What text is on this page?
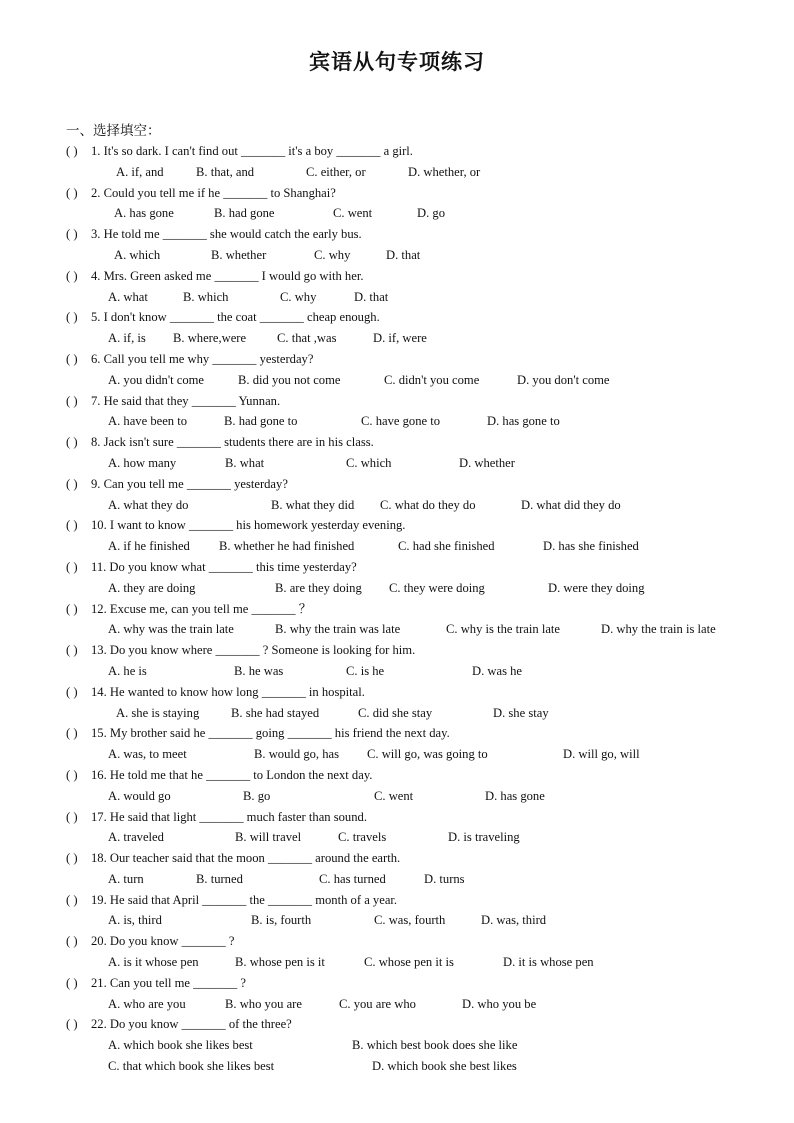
宾语从句专项练习
一、选择填空：
( ) 1. It's so dark. I can't find out _______ it's a boy _______ a girl.
A. if, and	B. that, and	C. either, or	D. whether, or
( ) 2. Could you tell me if he _______ to Shanghai?
A. has gone	B. had gone	C. went	D. go
( ) 3. He told me _______ she would catch the early bus.
A. which	B. whether	C. why	D. that
( ) 4. Mrs. Green asked me _______ I would go with her.
A. what	B. which	C. why	D. that
( ) 5. I don't know _______ the coat _______ cheap enough.
A. if, is B. where,were C. that ,was	D. if, were
( ) 6. Call you tell me why _______ yesterday?
A. you didn't come	B. did you not come	C. didn't you come	D. you don't come
( ) 7. He said that they _______ Yunnan.
A. have been to	B. had gone to	C. have gone to	D. has gone to
( ) 8. Jack isn't sure _______ students there are in his class.
A. how many	B. what	C. which	D. whether
( ) 9. Can you tell me _______ yesterday?
A. what they do	B. what they did C. what do they do	D. what did they do
( ) 10. I want to know _______ his homework yesterday evening.
A. if he finished B. whether he had finished	C. had she finished	D. has she finished
( ) 11. Do you know what _______ this time yesterday?
A. they are doing	B. are they doing C. they were doing	D. were they doing
( ) 12. Excuse me, can you tell me _______ ？
A. why was the train late	B. why the train was late	C. why is the train late	D. why the train is late
( ) 13. Do you know where _______ ? Someone is looking for him.
A. he is	B. he was	C. is he	D. was he
( ) 14. He wanted to know how long _______ in hospital.
A. she is staying	B. she had stayed	C. did she stay	D. she stay
( ) 15. My brother said he _______ going _______ his friend the next day.
A. was, to meet	B. would go, has C. will go, was going to	D. will go, will
( ) 16. He told me that he _______ to London the next day.
A. would go	B. go	C. went	D. has gone
( ) 17. He said that light _______ much faster than sound.
A. traveled	B. will travel	C. travels	D. is traveling
( ) 18. Our teacher said that the moon _______ around the earth.
A. turn	B. turned	C. has turned	D. turns
( ) 19. He said that April _______ the _______ month of a year.
A. is, third	B. is, fourth	C. was, fourth	D. was, third
( ) 20. Do you know _______ ?
A. is it whose pen	B. whose pen is it	C. whose pen it is	D. it is whose pen
( ) 21. Can you tell me _______ ?
A. who are you	B. who you are	C. you are who	D. who you be
( ) 22. Do you know _______ of the three?
A. which book she likes best	B. which best book does she like
C. that which book she likes best	D. which book she best likes
